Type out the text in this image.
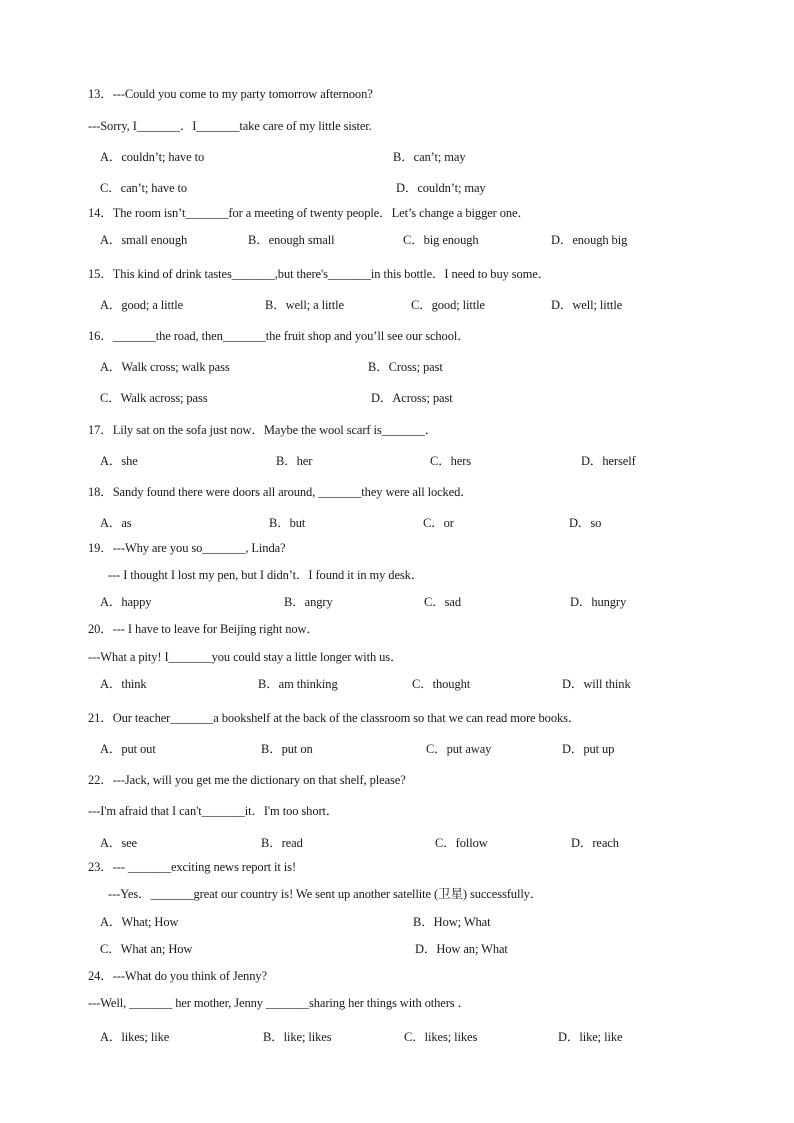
13．---Could you come to my party tomorrow afternoon?
---Sorry, I_______．I_______take care of my little sister.
A．couldn’t; have to	B．can’t; may
C．can’t; have to	D．couldn’t; may
14．The room isn’t_______for a meeting of twenty people．Let’s change a bigger one．
A．small enough	B．enough small	C．big enough	D．enough big
15．This kind of drink tastes_______,but there's_______in this bottle．I need to buy some．
A．good; a little	B．well; a little	C．good; little	D．well; little
16．_______the road, then_______the fruit shop and you’ll see our school．
A．Walk cross; walk pass	B．Cross; past
C．Walk across; pass	D．Across; past
17．Lily sat on the sofa just now．Maybe the wool scarf is_______．
A．she	B．her	C．hers	D．herself
18．Sandy found there were doors all around, _______they were all locked．
A．as	B．but	C．or	D．so
19．---Why are you so_______, Linda?
--- I thought I lost my pen, but I didn’t．I found it in my desk．
A．happy	B．angry	C．sad	D．hungry
20．--- I have to leave for Beijing right now．
---What a pity! I_______you could stay a little longer with us．
A．think	B．am thinking	C．thought	D．will think
21．Our teacher_______a bookshelf at the back of the classroom so that we can read more books．
A．put out	B．put on	C．put away	D．put up
22．---Jack, will you get me the dictionary on that shelf, please?
---I'm afraid that I can't_______it．I'm too short．
A．see	B．read	C．follow	D．reach
23．--- _______exciting news report it is!
---Yes．_______great our country is! We sent up another satellite (卫星) successfully．
A．What; How	B．How; What
C．What an; How	D．How an; What
24．---What do you think of Jenny?
---Well, _______ her mother, Jenny _______sharing her things with others ．
A．likes; like	B．like; likes	C．likes; likes	D．like; like
